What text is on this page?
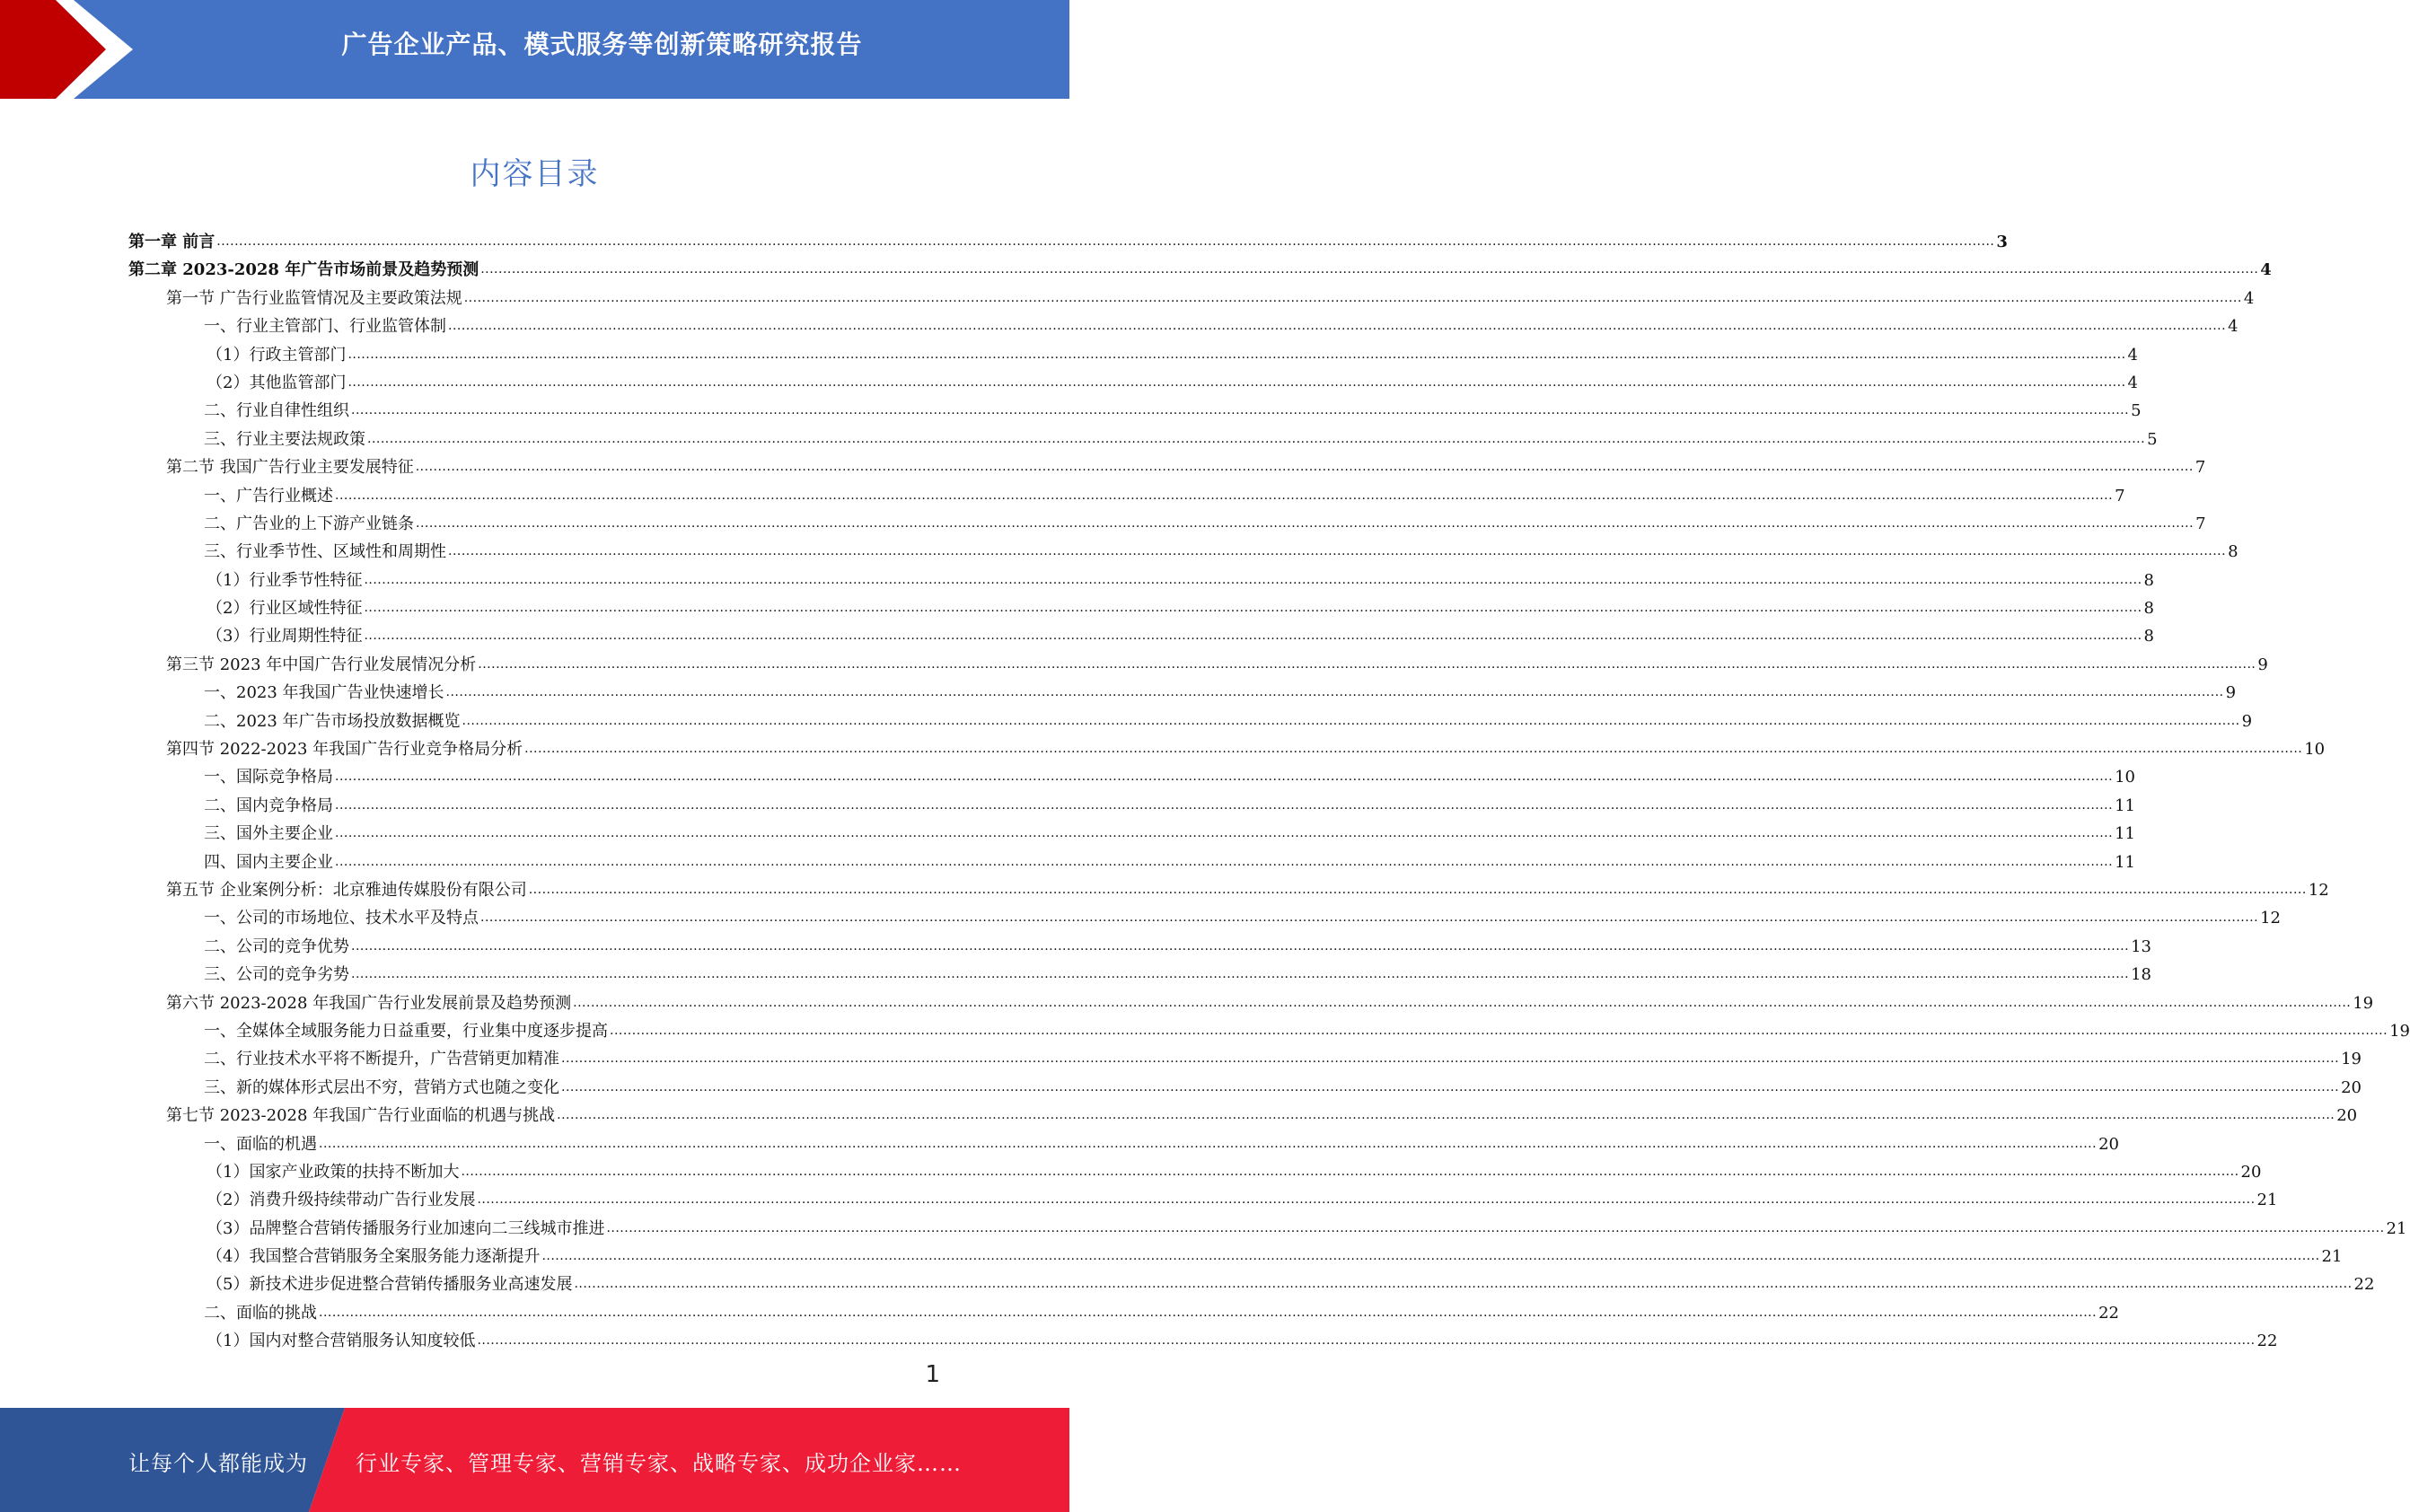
广告企业产品、模式服务等创新策略研究报告
内容目录
第一章 前言 ................................................................................................................................................................................................................................................................................................................................................................................................................ 3
第二章 2023-2028 年广告市场前景及趋势预测 ................................................................................................................................................................................................................................................................................................................................................................................................................ 4
第一节 广告行业监管情况及主要政策法规 ................................................................................................................................................................................................................................................................................................................................................................................................................ 4
一、行业主管部门、行业监管体制 ................................................................................................................................................................................................................................................................................................................................................................................................................ 4
（1）行政主管部门 ................................................................................................................................................................................................................................................................................................................................................................................................................ 4
（2）其他监管部门 ................................................................................................................................................................................................................................................................................................................................................................................................................ 4
二、行业自律性组织 ................................................................................................................................................................................................................................................................................................................................................................................................................ 5
三、行业主要法规政策 ................................................................................................................................................................................................................................................................................................................................................................................................................ 5
第二节 我国广告行业主要发展特征 ................................................................................................................................................................................................................................................................................................................................................................................................................ 7
一、广告行业概述 ................................................................................................................................................................................................................................................................................................................................................................................................................ 7
二、广告业的上下游产业链条 ................................................................................................................................................................................................................................................................................................................................................................................................................ 7
三、行业季节性、区域性和周期性 ................................................................................................................................................................................................................................................................................................................................................................................................................ 8
（1）行业季节性特征 ................................................................................................................................................................................................................................................................................................................................................................................................................ 8
（2）行业区域性特征 ................................................................................................................................................................................................................................................................................................................................................................................................................ 8
（3）行业周期性特征 ................................................................................................................................................................................................................................................................................................................................................................................................................ 8
第三节 2023 年中国广告行业发展情况分析 ................................................................................................................................................................................................................................................................................................................................................................................................................ 9
一、2023 年我国广告业快速增长 ................................................................................................................................................................................................................................................................................................................................................................................................................ 9
二、2023 年广告市场投放数据概览 ................................................................................................................................................................................................................................................................................................................................................................................................................ 9
第四节 2022-2023 年我国广告行业竞争格局分析 ................................................................................................................................................................................................................................................................................................................................................................................................................ 10
一、国际竞争格局 ................................................................................................................................................................................................................................................................................................................................................................................................................ 10
二、国内竞争格局 ................................................................................................................................................................................................................................................................................................................................................................................................................ 11
三、国外主要企业 ................................................................................................................................................................................................................................................................................................................................................................................................................ 11
四、国内主要企业 ................................................................................................................................................................................................................................................................................................................................................................................................................ 11
第五节 企业案例分析：北京雅迪传媒股份有限公司 ................................................................................................................................................................................................................................................................................................................................................................................................................ 12
一、公司的市场地位、技术水平及特点 ................................................................................................................................................................................................................................................................................................................................................................................................................ 12
二、公司的竞争优势 ................................................................................................................................................................................................................................................................................................................................................................................................................ 13
三、公司的竞争劣势 ................................................................................................................................................................................................................................................................................................................................................................................................................ 18
第六节 2023-2028 年我国广告行业发展前景及趋势预测 ................................................................................................................................................................................................................................................................................................................................................................................................................ 19
一、全媒体全域服务能力日益重要，行业集中度逐步提高 ................................................................................................................................................................................................................................................................................................................................................................................................................ 19
二、行业技术水平将不断提升，广告营销更加精准 ................................................................................................................................................................................................................................................................................................................................................................................................................ 19
三、新的媒体形式层出不穷，营销方式也随之变化 ................................................................................................................................................................................................................................................................................................................................................................................................................ 20
第七节 2023-2028 年我国广告行业面临的机遇与挑战 ................................................................................................................................................................................................................................................................................................................................................................................................................ 20
一、面临的机遇 ................................................................................................................................................................................................................................................................................................................................................................................................................ 20
（1）国家产业政策的扶持不断加大 ................................................................................................................................................................................................................................................................................................................................................................................................................ 20
（2）消费升级持续带动广告行业发展 ................................................................................................................................................................................................................................................................................................................................................................................................................ 21
（3）品牌整合营销传播服务行业加速向二三线城市推进 ................................................................................................................................................................................................................................................................................................................................................................................................................ 21
（4）我国整合营销服务全案服务能力逐渐提升 ................................................................................................................................................................................................................................................................................................................................................................................................................ 21
（5）新技术进步促进整合营销传播服务业高速发展 ................................................................................................................................................................................................................................................................................................................................................................................................................ 22
二、面临的挑战 ................................................................................................................................................................................................................................................................................................................................................................................................................ 22
（1）国内对整合营销服务认知度较低 ................................................................................................................................................................................................................................................................................................................................................................................................................ 22
1
让每个人都能成为 行业专家、管理专家、营销专家、战略专家、成功企业家……
